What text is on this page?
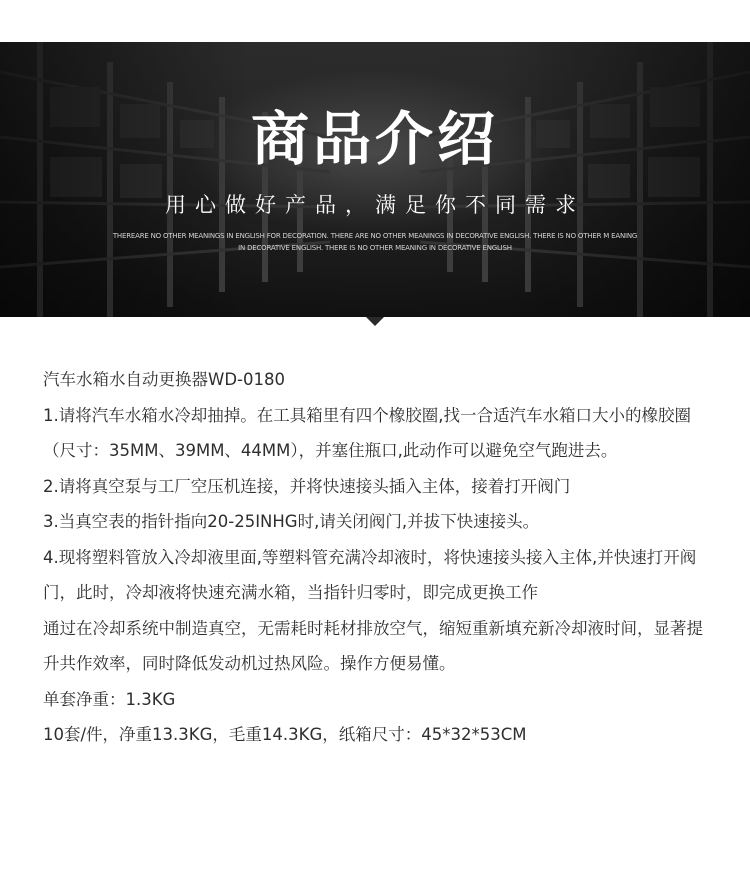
商品介绍
用心做好产品，满足你不同需求
THEREARE NO OTHER MEANINGS IN ENGLISH FOR DECORATION. THERE ARE NO OTHER MEANINGS IN DECORATIVE ENGLISH. THERE IS NO OTHER M EANING IN DECORATIVE ENGLISH. THERE IS NO OTHER MEANING IN DECORATIVE ENGLISH

汽车水箱水自动更换器WD-0180

1.请将汽车水箱水冷却抽掉。在工具箱里有四个橡胶圈,找一合适汽车水箱口大小的橡胶圈（尺寸：35MM、39MM、44MM），并塞住瓶口,此动作可以避免空气跑进去。

2.请将真空泵与工厂空压机连接，并将快速接头插入主体，接着打开阀门

3.当真空表的指针指向20-25INHG时,请关闭阀门,并拔下快速接头。

4.现将塑料管放入冷却液里面,等塑料管充满冷却液时，将快速接头接入主体,并快速打开阀门，此时，冷却液将快速充满水箱，当指针归零时，即完成更换工作

通过在冷却系统中制造真空，无需耗时耗材排放空气，缩短重新填充新冷却液时间，显著提升共作效率，同时降低发动机过热风险。操作方便易懂。

单套净重：1.3KG

10套/件，净重13.3KG，毛重14.3KG，纸箱尺寸：45*32*53CM
